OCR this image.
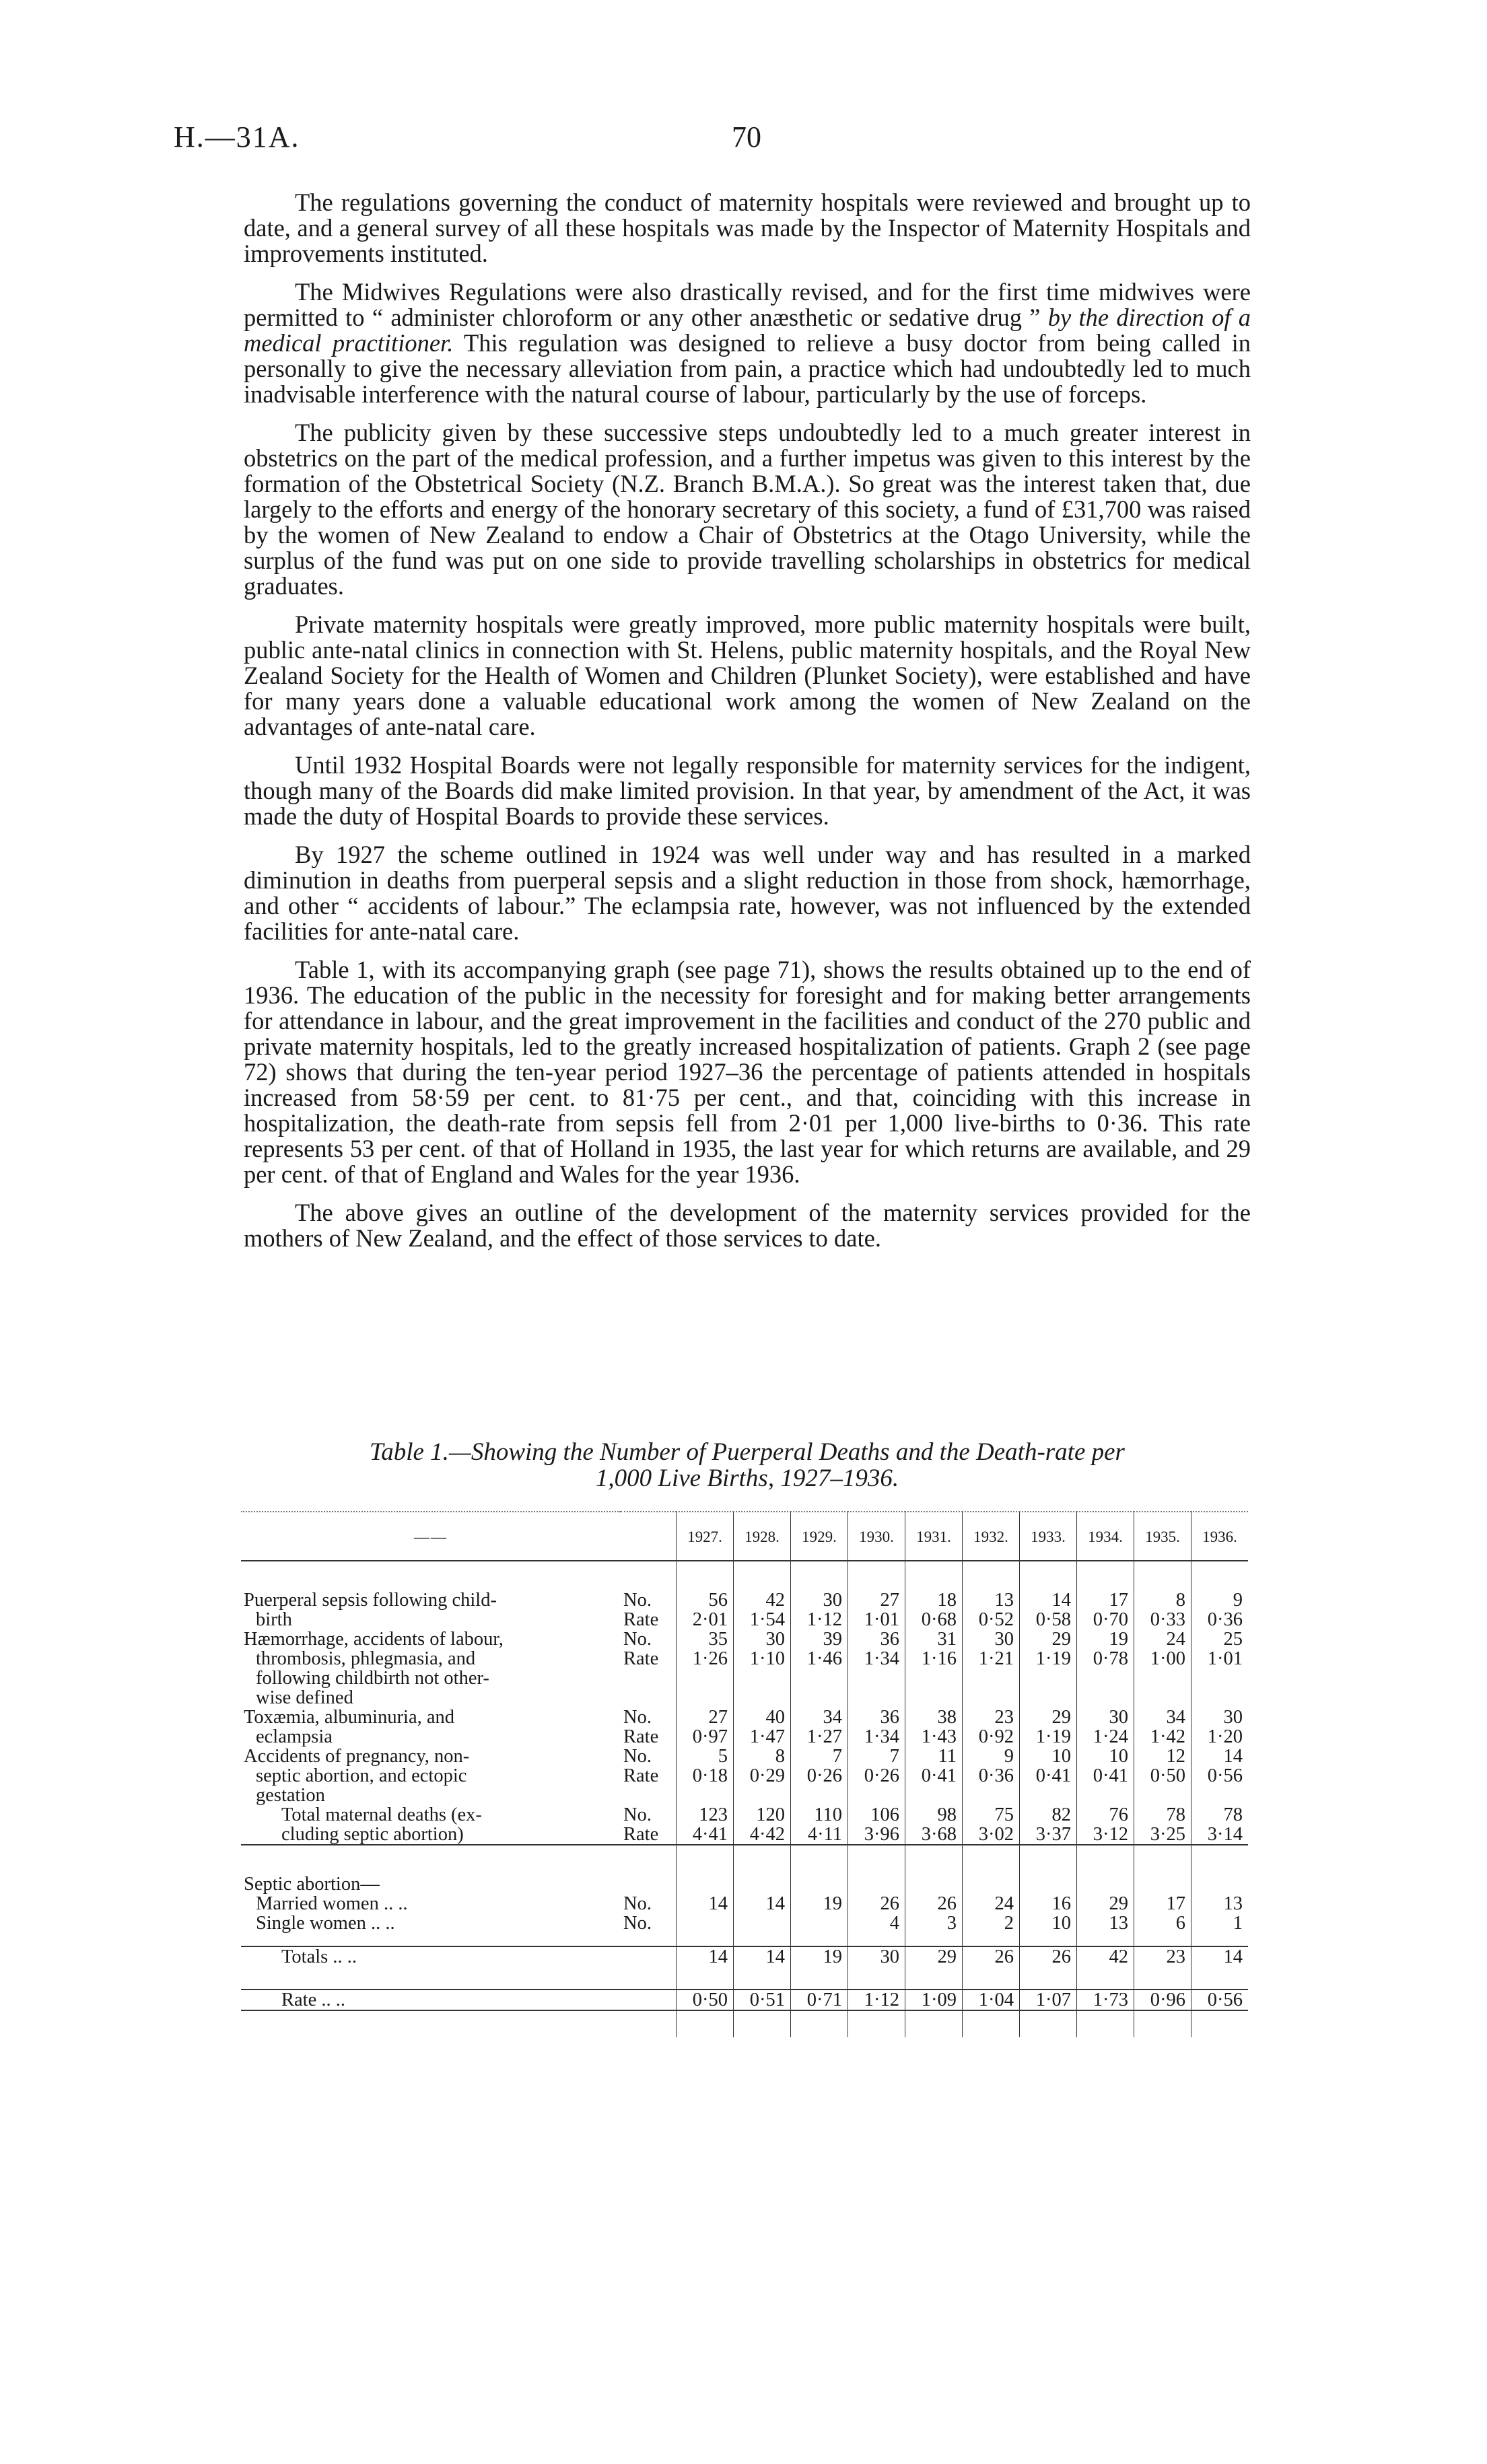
H.—31A.	70

The regulations governing the conduct of maternity hospitals were reviewed and brought up to date, and a general survey of all these hospitals was made by the Inspector of Maternity Hospitals and improvements instituted.

The Midwives Regulations were also drastically revised, and for the first time midwives were permitted to “ administer chloroform or any other anæsthetic or sedative drug ” by the direction of a medical practitioner. This regulation was designed to relieve a busy doctor from being called in personally to give the necessary alleviation from pain, a practice which had undoubtedly led to much inadvisable interference with the natural course of labour, particularly by the use of forceps.

The publicity given by these successive steps undoubtedly led to a much greater interest in obstetrics on the part of the medical profession, and a further impetus was given to this interest by the formation of the Obstetrical Society (N.Z. Branch B.M.A.). So great was the interest taken that, due largely to the efforts and energy of the honorary secretary of this society, a fund of £31,700 was raised by the women of New Zealand to endow a Chair of Obstetrics at the Otago University, while the surplus of the fund was put on one side to provide travelling scholarships in obstetrics for medical graduates.

Private maternity hospitals were greatly improved, more public maternity hospitals were built, public ante-natal clinics in connection with St. Helens, public maternity hospitals, and the Royal New Zealand Society for the Health of Women and Children (Plunket Society), were established and have for many years done a valuable educational work among the women of New Zealand on the advantages of ante-natal care.

Until 1932 Hospital Boards were not legally responsible for maternity services for the indigent, though many of the Boards did make limited provision. In that year, by amendment of the Act, it was made the duty of Hospital Boards to provide these services.

By 1927 the scheme outlined in 1924 was well under way and has resulted in a marked diminution in deaths from puerperal sepsis and a slight reduction in those from shock, hæmorrhage, and other “ accidents of labour.” The eclampsia rate, however, was not influenced by the extended facilities for ante-natal care.

Table 1, with its accompanying graph (see page 71), shows the results obtained up to the end of 1936. The education of the public in the necessity for foresight and for making better arrangements for attendance in labour, and the great improvement in the facilities and conduct of the 270 public and private maternity hospitals, led to the greatly increased hospitalization of patients. Graph 2 (see page 72) shows that during the ten-year period 1927–36 the percentage of patients attended in hospitals increased from 58·59 per cent. to 81·75 per cent., and that, coinciding with this increase in hospitalization, the death-rate from sepsis fell from 2·01 per 1,000 live-births to 0·36. This rate represents 53 per cent. of that of Holland in 1935, the last year for which returns are available, and 29 per cent. of that of England and Wales for the year 1936.

The above gives an outline of the development of the maternity services provided for the mothers of New Zealand, and the effect of those services to date.

Table 1.—Showing the Number of Puerperal Deaths and the Death-rate per
1,000 Live Births, 1927–1936.
——		1927.	1928.	1929.	1930.	1931.	1932.	1933.	1934.	1935.	1936.

Puerperal sepsis following child-	No.	56	42	30	27	18	13	14	17	8	9
birth	Rate	2·01	1·54	1·12	1·01	0·68	0·52	0·58	0·70	0·33	0·36
Hæmorrhage, accidents of labour,	No.	35	30	39	36	31	30	29	19	24	25
thrombosis, phlegmasia, and	Rate	1·26	1·10	1·46	1·34	1·16	1·21	1·19	0·78	1·00	1·01
following childbirth not other-											
wise defined											
Toxæmia, albuminuria, and	No.	27	40	34	36	38	23	29	30	34	30
eclampsia	Rate	0·97	1·47	1·27	1·34	1·43	0·92	1·19	1·24	1·42	1·20
Accidents of pregnancy, non-	No.	5	8	7	7	11	9	10	10	12	14
septic abortion, and ectopic	Rate	0·18	0·29	0·26	0·26	0·41	0·36	0·41	0·41	0·50	0·56
gestation											
Total maternal deaths (ex-	No.	123	120	110	106	98	75	82	76	78	78
cluding septic abortion)	Rate	4·41	4·42	4·11	3·96	3·68	3·02	3·37	3·12	3·25	3·14

Septic abortion—											
Married women .. ..	No.	14	14	19	26	26	24	16	29	17	13
Single women .. ..	No.				4	3	2	10	13	6	1

Totals .. ..		14	14	19	30	29	26	26	42	23	14

Rate .. ..		0·50	0·51	0·71	1·12	1·09	1·04	1·07	1·73	0·96	0·56
